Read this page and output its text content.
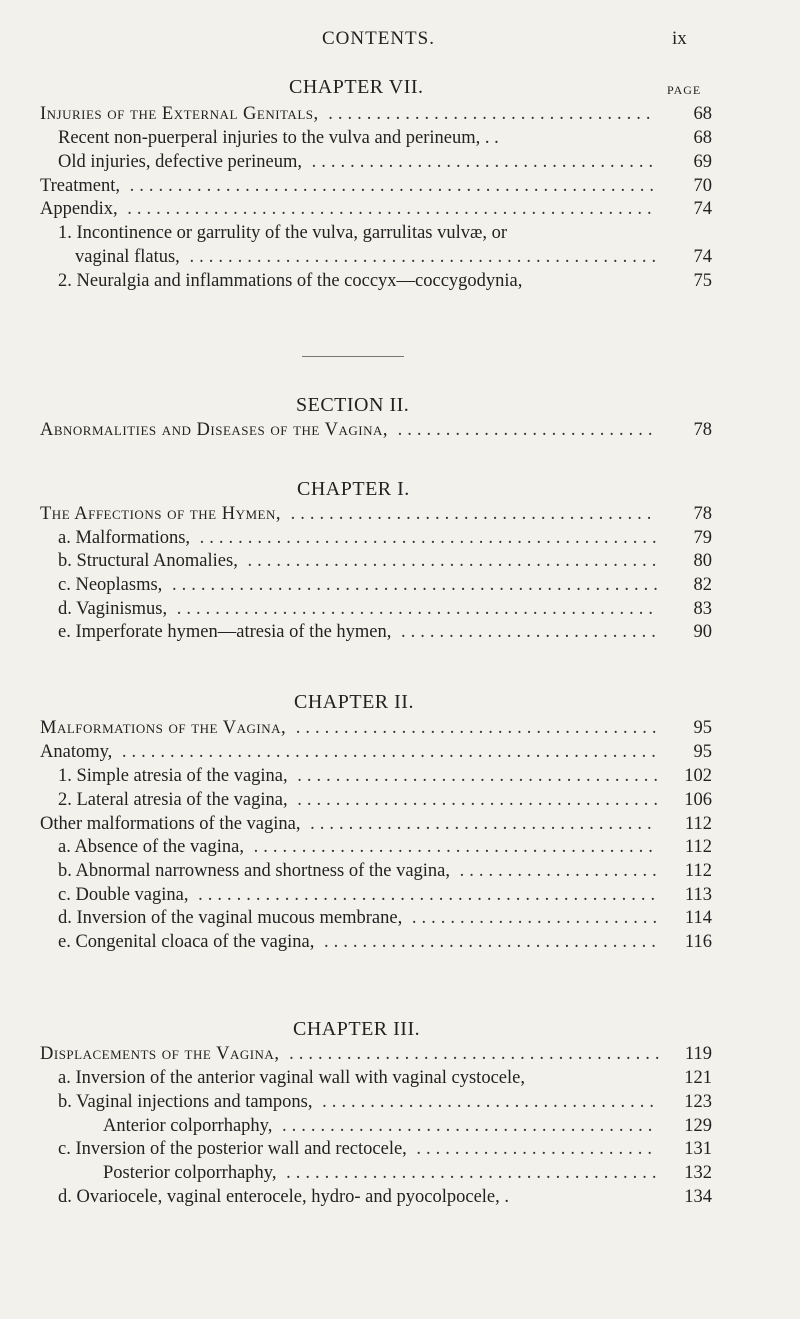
CONTENTS.	ix
CHAPTER VII.	PAGE
Injuries of the External Genitals, ..................................	68
Recent non-puerperal injuries to the vulva and perineum, . .	68
Old injuries, defective perineum, ....................................	69
Treatment, .......................................................	70
Appendix, .......................................................	74
1. Incontinence or garrulity of the vulva, garrulitas vulvæ, or
vaginal flatus, .................................................	74
2. Neuralgia and inflammations of the coccyx—coccygodynia,	75
SECTION II.
Abnormalities and Diseases of the Vagina, ...........................	78
CHAPTER I.
The Affections of the Hymen, ......................................	78
a. Malformations, ................................................	79
b. Structural Anomalies, ...........................................	80
c. Neoplasms, ...................................................	82
d. Vaginismus, ..................................................	83
e. Imperforate hymen—atresia of the hymen, ...........................	90
CHAPTER II.
Malformations of the Vagina, ......................................	95
Anatomy, ........................................................	95
1. Simple atresia of the vagina, ......................................	102
2. Lateral atresia of the vagina, ......................................	106
Other malformations of the vagina, ....................................	112
a. Absence of the vagina, ..........................................	112
b. Abnormal narrowness and shortness of the vagina, .....................	112
c. Double vagina, ................................................	113
d. Inversion of the vaginal mucous membrane, ..........................	114
e. Congenital cloaca of the vagina, ...................................	116
CHAPTER III.
Displacements of the Vagina, .......................................	119
a. Inversion of the anterior vaginal wall with vaginal cystocele,	121
b. Vaginal injections and tampons, ...................................	123
Anterior colporrhaphy, .......................................	129
c. Inversion of the posterior wall and rectocele, .........................	131
Posterior colporrhaphy, .......................................	132
d. Ovariocele, vaginal enterocele, hydro- and pyocolpocele, .	134
